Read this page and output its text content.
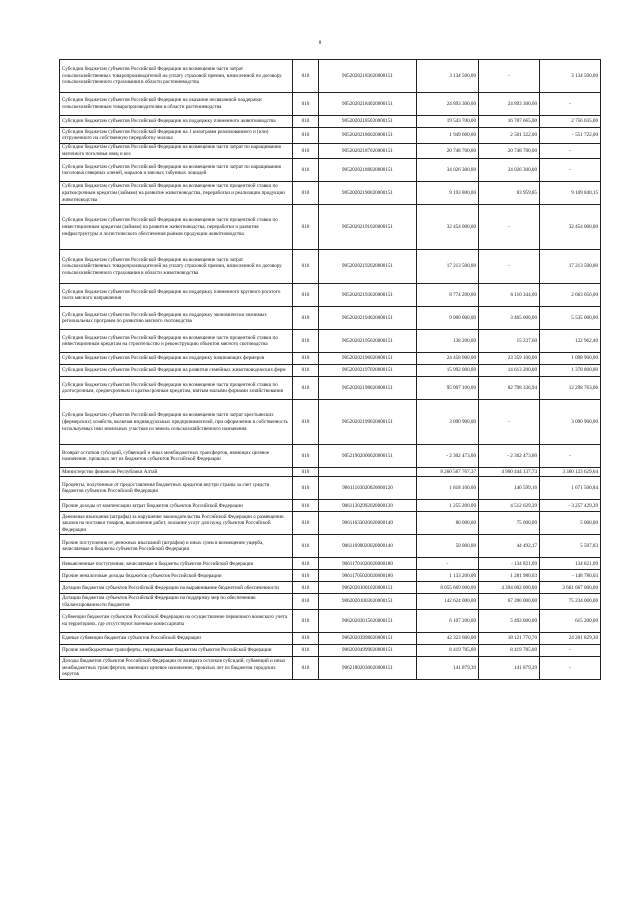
8
Субсидии бюджетам субъектов Российской Федерации на возмещение части затрат сельскохозяйственных товаропроизводителей на уплату страховой премии, начисленной по договору сельскохозяйственного страхования в области растениеводства	010	90520202183020000151	3 134 500,00	-	3 134 500,00
Субсидии бюджетам субъектов Российской Федерации на оказание несвязанной поддержки сельскохозяйственным товаропроизводителям в области растениеводства	010	90520202184020000151	24 893 300,00	24 893 300,00	-
Субсидии бюджетам субъектов Российской Федерации на поддержку племенного животноводства	010	90520202185020000151	19 543 700,00	16 787 665,00	2 756 035,00
Субсидии бюджетам субъектов Российской Федерации на 1 килограмм реализованного и (или) отгруженного на собственную переработку молока	010	90520202186020000151	1 949 600,00	2 501 322,00	- 551 722,00
Субсидии бюджетам субъектов Российской Федерации на возмещение части затрат по наращиванию маточного поголовья овец и коз	010	90520202187020000151	20 748 700,00	20 748 700,00	-
Субсидии бюджетам субъектов Российской Федерации на возмещение части затрат по наращиванию поголовья северных оленей, маралов и мясных табунных лошадей	010	90520202188020000151	34 026 300,00	34 026 300,00	-
Субсидии бюджетам субъектов Российской Федерации на возмещение части процентной ставки по краткосрочным кредитам (займам) на развитие животноводства, переработки и реализации продукции животноводства	010	90520202190020000151	9 193 800,00	83 959,85	9 109 840,15
Субсидии бюджетам субъектов Российской Федерации на возмещение части процентной ставки по инвестиционным кредитам (займам) на развитие животноводства, переработки и развития инфраструктуры и логистического обеспечения рынков продукции животноводства	010	90520202191020000151	32 454 000,00	-	32 454 000,00
Субсидии бюджетам субъектов Российской Федерации на возмещение части затрат сельскохозяйственных товаропроизводителей на уплату страховой премии, начисленной по договору сельскохозяйственного страхования в области животноводства	010	90520202192020000151	17 213 500,00	-	17 213 500,00
Субсидии бюджетам субъектов Российской Федерации на поддержку племенного крупного рогатого скота мясного направления	010	90520202193020000151	8 774 200,00	6 110 344,00	2 663 056,00
Субсидии бюджетам субъектов Российской Федерации на поддержку экономически значимых региональных программ по развитию мясного скотоводства	010	90520202194020000151	9 000 000,00	3 465 000,00	5 535 000,00
Субсидии бюджетам субъектов Российской Федерации на возмещение части процентной ставки по инвестиционным кредитам на строительство и реконструкцию объектов мясного скотоводства	010	90520202195020000151	138 200,00	15 237,60	122 962,40
Субсидии бюджетам субъектов Российской Федерации на поддержку начинающих фермеров	010	90520202196020000151	24 458 000,00	23 359 100,00	1 098 900,00
Субсидии бюджетам субъектов Российской Федерации на развитие семейных животноводческих ферм	010	90520202197020000151	15 992 000,00	14 613 200,00	1 378 800,00
Субсидии бюджетам субъектов Российской Федерации на возмещение части процентной ставки по долгосрочным, среднесрочным и краткосрочным кредитам, взятым малыми формами хозяйствования	010	90520202198020000151	95 097 100,00	82 798 336,94	12 298 763,06
Субсидии бюджетам субъектов Российской Федерации на возмещение части затрат крестьянских (фермерских) хозяйств, включая индивидуальных предпринимателей, при оформлении в собственность используемых ими земельных участков из земель сельскохозяйственного назначения	010	90520202199020000151	3 090 900,00	-	3 090 900,00
Возврат остатков субсидий, субвенций и иных межбюджетных трансфертов, имеющих целевое назначение, прошлых лет из бюджетов субъектов Российской Федерации	010	90521902000020000151	- 2 302 473,00	- 2 302 473,00	-
Министерство финансов Республики Алтай	010		8 260 567 767,37	4 900 444 137,73	3 360 123 629,64
Проценты, полученные от предоставления бюджетных кредитов внутри страны за счет средств бюджетов субъектов Российской Федерации	010	90611103020020000120	1 818 100,00	146 599,16	1 671 500,84
Прочие доходы от компенсации затрат бюджетов субъектов Российской Федерации	010	90611302992020000130	1 255 200,00	4 512 629,39	- 3 257 429,39
Денежные взыскания (штрафы) за нарушение законодательства Российской Федерации о размещении заказов на поставки товаров, выполнение работ, оказание услуг для нужд субъектов Российской Федерации	010	90611633020020000140	80 000,00	75 000,00	5 000,00
Прочие поступления от денежных взысканий (штрафов) и иных сумм в возмещение ущерба, зачисляемые в бюджеты субъектов Российской Федерации	010	90611690020020000140	50 000,00	44 492,17	5 507,83
Невыясненные поступления, зачисляемые в бюджеты субъектов Российской Федерации	010	90611701020020000180	-	- 134 821,09	134 821,09
Прочие неналоговые доходы бюджетов субъектов Российской Федерации	010	90611705020020000180	1 133 200,00	1 281 980,03	- 148 780,03
Дотации бюджетам субъектов Российской Федерации на выравнивание бюджетной обеспеченности	010	90620201001020000151	8 055 669 000,00	4 394 002 000,00	3 661 667 000,00
Дотации бюджетам субъектов Российской Федерации на поддержку мер по обеспечению сбалансированности бюджетов	010	90620201003020000151	142 624 000,00	67 390 000,00	75 234 000,00
Субвенции бюджетам субъектов Российской Федерации на осуществление первичного воинского учета на территориях, где отсутствуют военные комиссариаты	010	90620203015020000151	6 107 200,00	5 492 000,00	615 200,00
Единые субвенции бюджетам субъектов Российской Федерации	010	90620203998020000151	42 323 600,00	18 121 770,70	24 201 829,30
Прочие межбюджетные трансферты, передаваемые бюджетам субъектов Российской Федерации	010	90620204999020000151	8 419 785,00	8 419 785,00	-
Доходы бюджетов субъектов Российской Федерации от возврата остатков субсидий, субвенций и иных межбюджетных трансфертов, имеющих целевое назначение, прошлых лет из бюджетов городских округов	010	90621802030020000151	141 879,39	141 879,39	-
